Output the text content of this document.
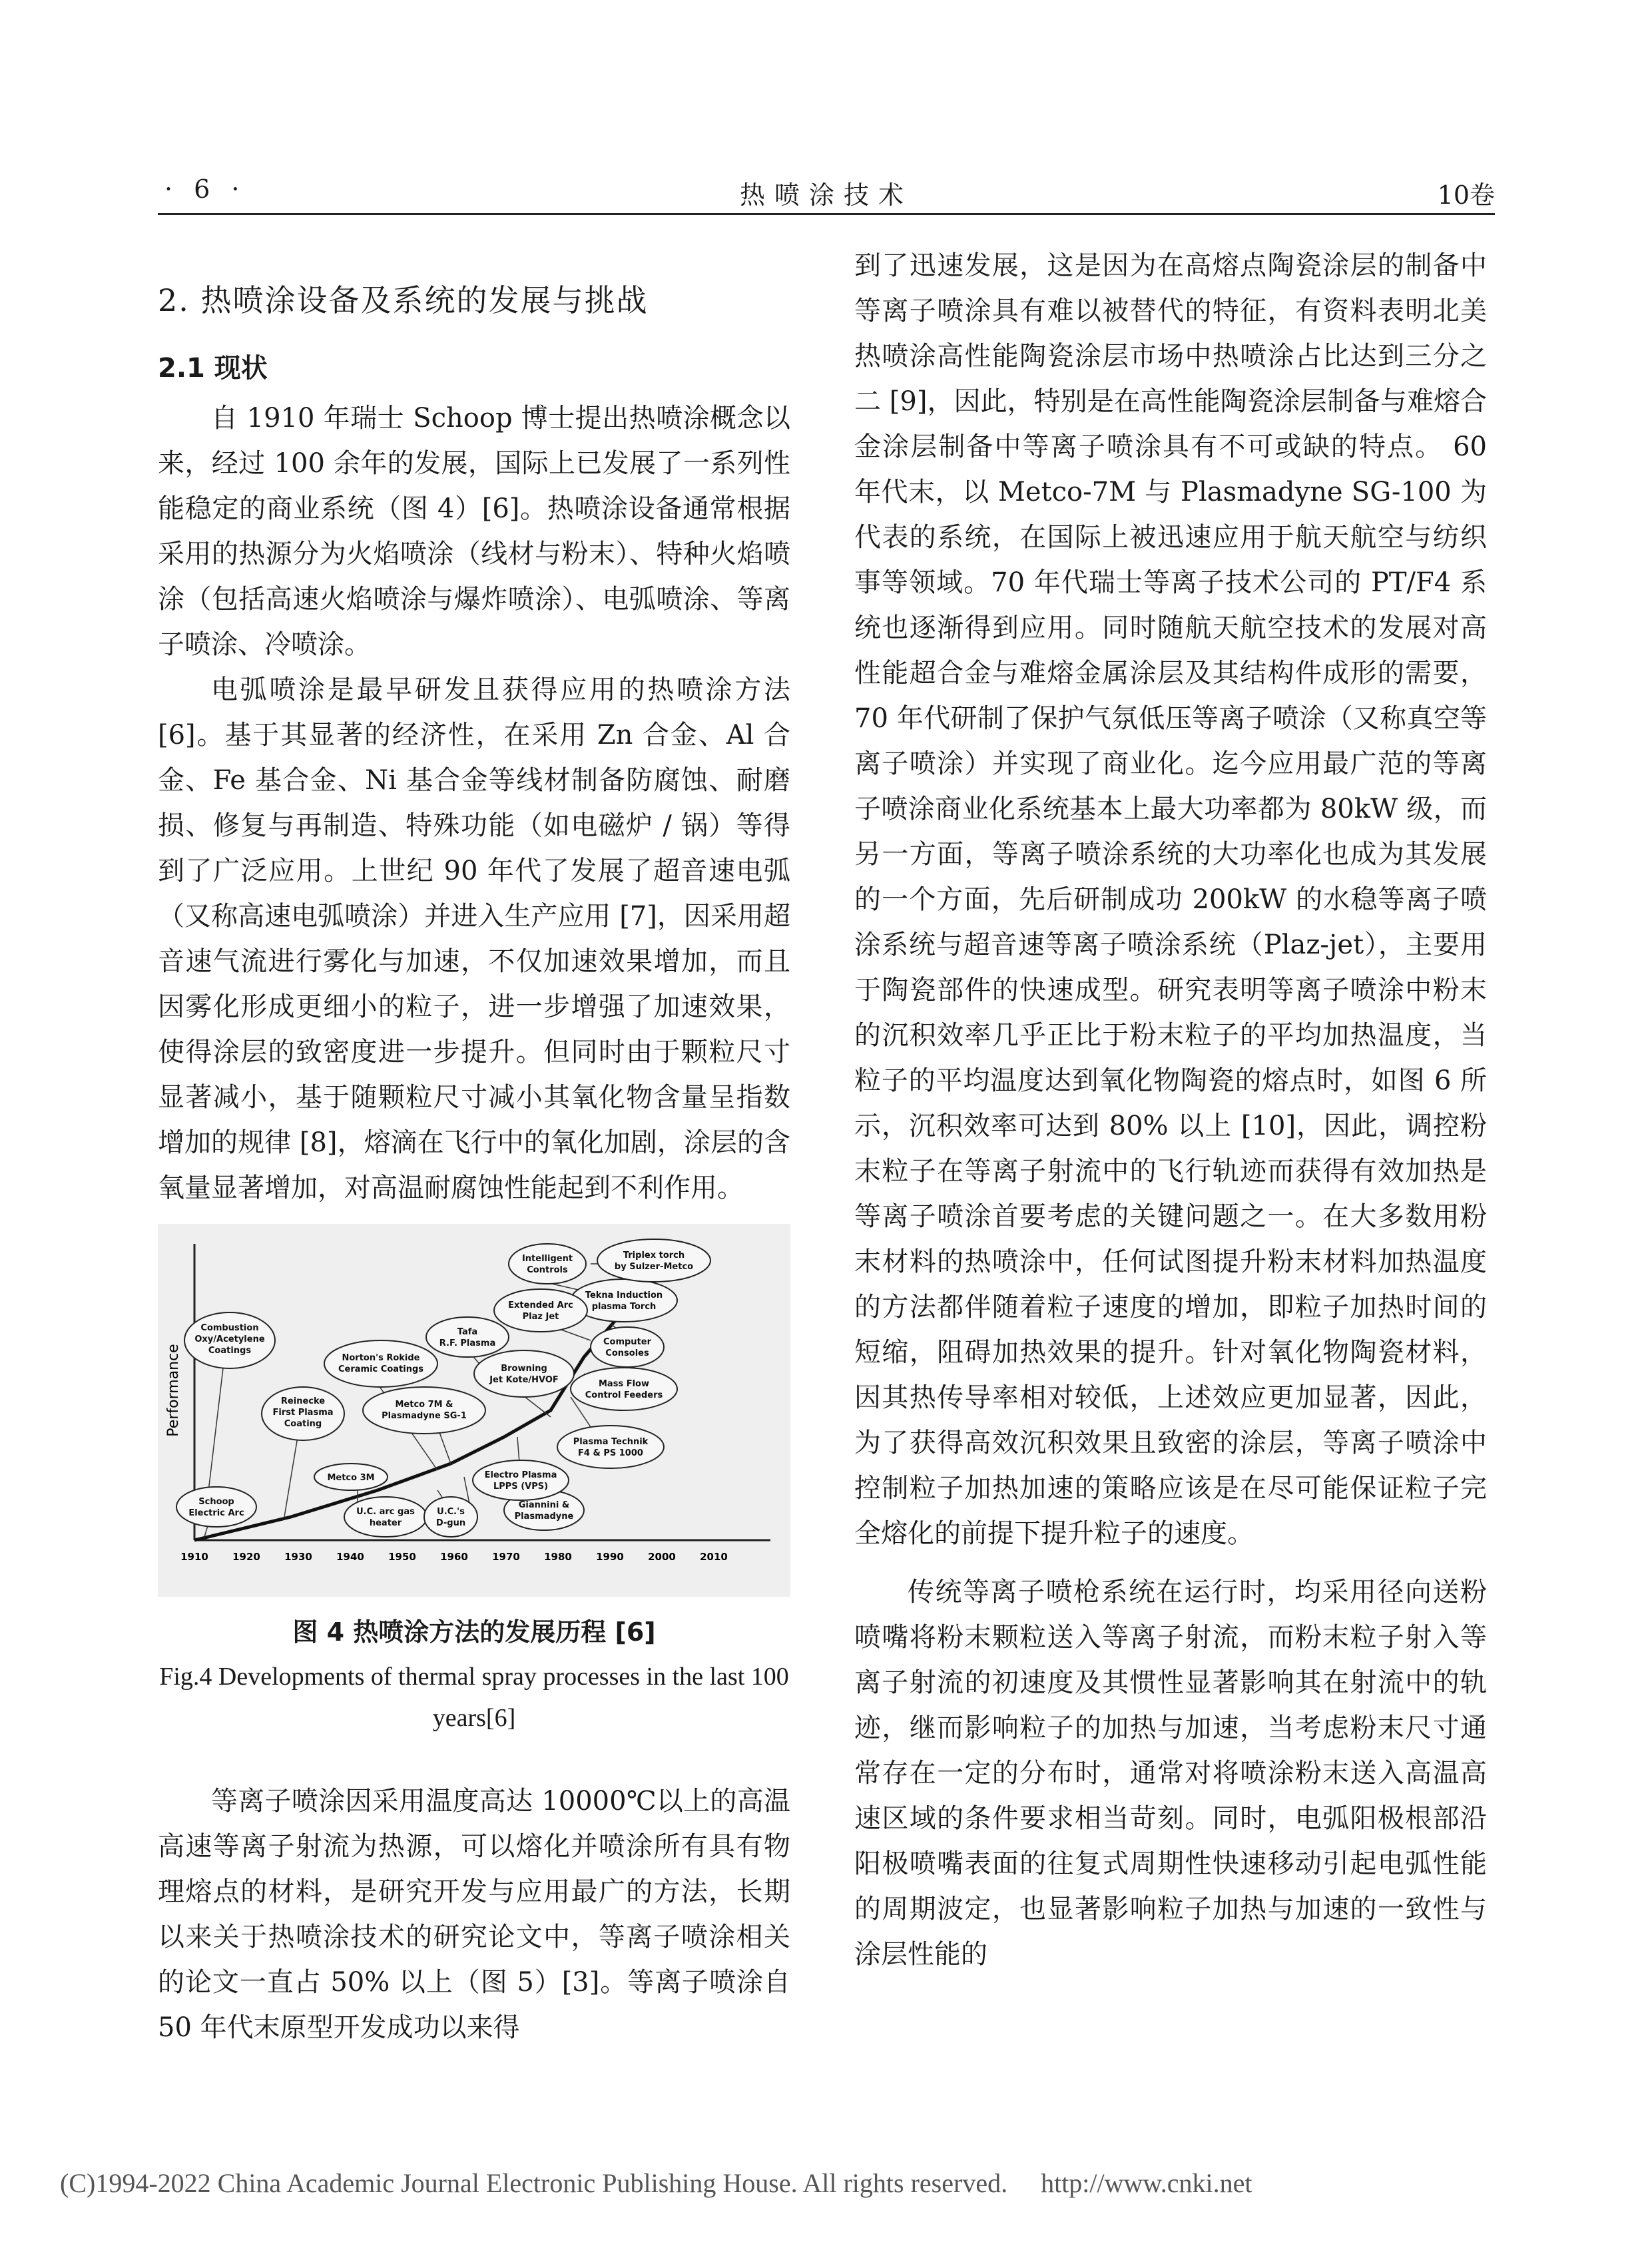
· 6 ·	热喷涂技术	10卷
2. 热喷涂设备及系统的发展与挑战
2.1 现状

自 1910 年瑞士 Schoop 博士提出热喷涂概念以来，经过 100 余年的发展，国际上已发展了一系列性能稳定的商业系统（图 4）[6]。热喷涂设备通常根据采用的热源分为火焰喷涂（线材与粉末）、特种火焰喷涂（包括高速火焰喷涂与爆炸喷涂）、电弧喷涂、等离子喷涂、冷喷涂。

电弧喷涂是最早研发且获得应用的热喷涂方法 [6]。基于其显著的经济性，在采用 Zn 合金、Al 合金、Fe 基合金、Ni 基合金等线材制备防腐蚀、耐磨损、修复与再制造、特殊功能（如电磁炉 / 锅）等得到了广泛应用。上世纪 90 年代了发展了超音速电弧（又称高速电弧喷涂）并进入生产应用 [7]，因采用超音速气流进行雾化与加速，不仅加速效果增加，而且因雾化形成更细小的粒子，进一步增强了加速效果，使得涂层的致密度进一步提升。但同时由于颗粒尺寸显著减小，基于随颗粒尺寸减小其氧化物含量呈指数增加的规律 [8]，熔滴在飞行中的氧化加剧，涂层的含氧量显著增加，对高温耐腐蚀性能起到不利作用。

Performance
1910 1920 1930 1940 1950 1960 1970 1980 1990 2000 2010
Schoop
Electric Arc
Combustion
Oxy/Acetylene
Coatings
Reinecke
First Plasma
Coating
Norton's Rokide
Ceramic Coatings
Metco 3M
Metco 7M &
Plasmadyne SG-1
U.C. arc gas
heater
U.C.'s
D-gun
Giannini &
Plasmadyne
Electro Plasma
LPPS (VPS)
Browning
Jet Kote/HVOF
Tafa
R.F. Plasma
Plasma Technik
F4 & PS 1000
Mass Flow
Control Feeders
Computer
Consoles
Tekna Induction
plasma Torch
Extended Arc
Plaz Jet
Intelligent
Controls
Triplex torch
by Sulzer-Metco
图 4 热喷涂方法的发展历程 [6]
Fig.4 Developments of thermal spray processes in the last 100 years[6]

等离子喷涂因采用温度高达 10000℃以上的高温高速等离子射流为热源，可以熔化并喷涂所有具有物理熔点的材料，是研究开发与应用最广的方法，长期以来关于热喷涂技术的研究论文中，等离子喷涂相关的论文一直占 50% 以上（图 5）[3]。等离子喷涂自 50 年代末原型开发成功以来得

到了迅速发展，这是因为在高熔点陶瓷涂层的制备中等离子喷涂具有难以被替代的特征，有资料表明北美热喷涂高性能陶瓷涂层市场中热喷涂占比达到三分之二 [9]，因此，特别是在高性能陶瓷涂层制备与难熔合金涂层制备中等离子喷涂具有不可或缺的特点。 60 年代末，以 Metco-7M 与 Plasmadyne SG-100 为代表的系统，在国际上被迅速应用于航天航空与纺织事等领域。70 年代瑞士等离子技术公司的 PT/F4 系统也逐渐得到应用。同时随航天航空技术的发展对高性能超合金与难熔金属涂层及其结构件成形的需要，70 年代研制了保护气氛低压等离子喷涂（又称真空等离子喷涂）并实现了商业化。迄今应用最广范的等离子喷涂商业化系统基本上最大功率都为 80kW 级，而另一方面，等离子喷涂系统的大功率化也成为其发展的一个方面，先后研制成功 200kW 的水稳等离子喷涂系统与超音速等离子喷涂系统（Plaz-jet），主要用于陶瓷部件的快速成型。研究表明等离子喷涂中粉末的沉积效率几乎正比于粉末粒子的平均加热温度，当粒子的平均温度达到氧化物陶瓷的熔点时，如图 6 所示，沉积效率可达到 80% 以上 [10]，因此，调控粉末粒子在等离子射流中的飞行轨迹而获得有效加热是等离子喷涂首要考虑的关键问题之一。在大多数用粉末材料的热喷涂中，任何试图提升粉末材料加热温度的方法都伴随着粒子速度的增加，即粒子加热时间的短缩，阻碍加热效果的提升。针对氧化物陶瓷材料，因其热传导率相对较低，上述效应更加显著，因此，为了获得高效沉积效果且致密的涂层，等离子喷涂中控制粒子加热加速的策略应该是在尽可能保证粒子完全熔化的前提下提升粒子的速度。

传统等离子喷枪系统在运行时，均采用径向送粉喷嘴将粉末颗粒送入等离子射流，而粉末粒子射入等离子射流的初速度及其惯性显著影响其在射流中的轨迹，继而影响粒子的加热与加速，当考虑粉末尺寸通常存在一定的分布时，通常对将喷涂粉末送入高温高速区域的条件要求相当苛刻。同时，电弧阳极根部沿阳极喷嘴表面的往复式周期性快速移动引起电弧性能的周期波定，也显著影响粒子加热与加速的一致性与涂层性能的

(C)1994-2022 China Academic Journal Electronic Publishing House. All rights reserved. http://www.cnki.net
